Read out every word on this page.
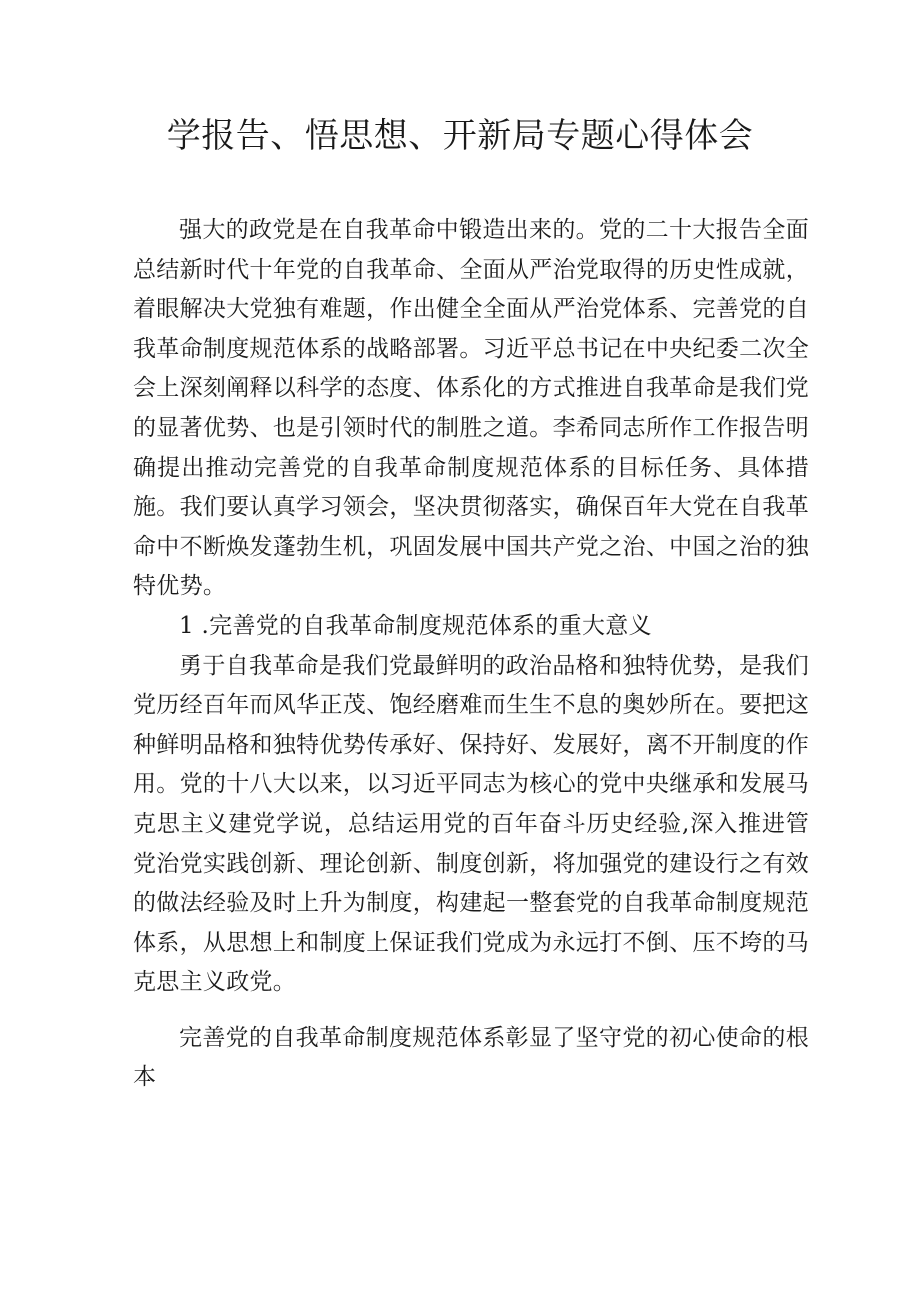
学报告、悟思想、开新局专题心得体会

强大的政党是在自我革命中锻造出来的。党的二十大报告全面总结新时代十年党的自我革命、全面从严治党取得的历史性成就，着眼解决大党独有难题，作出健全全面从严治党体系、完善党的自我革命制度规范体系的战略部署。习近平总书记在中央纪委二次全会上深刻阐释以科学的态度、体系化的方式推进自我革命是我们党的显著优势、也是引领时代的制胜之道。李希同志所作工作报告明确提出推动完善党的自我革命制度规范体系的目标任务、具体措施。我们要认真学习领会，坚决贯彻落实，确保百年大党在自我革命中不断焕发蓬勃生机，巩固发展中国共产党之治、中国之治的独特优势。

1 .完善党的自我革命制度规范体系的重大意义

勇于自我革命是我们党最鲜明的政治品格和独特优势，是我们党历经百年而风华正茂、饱经磨难而生生不息的奥妙所在。要把这种鲜明品格和独特优势传承好、保持好、发展好，离不开制度的作用。党的十八大以来，以习近平同志为核心的党中央继承和发展马克思主义建党学说，总结运用党的百年奋斗历史经验,深入推进管党治党实践创新、理论创新、制度创新，将加强党的建设行之有效的做法经验及时上升为制度，构建起一整套党的自我革命制度规范体系，从思想上和制度上保证我们党成为永远打不倒、压不垮的马克思主义政党。

完善党的自我革命制度规范体系彰显了坚守党的初心使命的根本
